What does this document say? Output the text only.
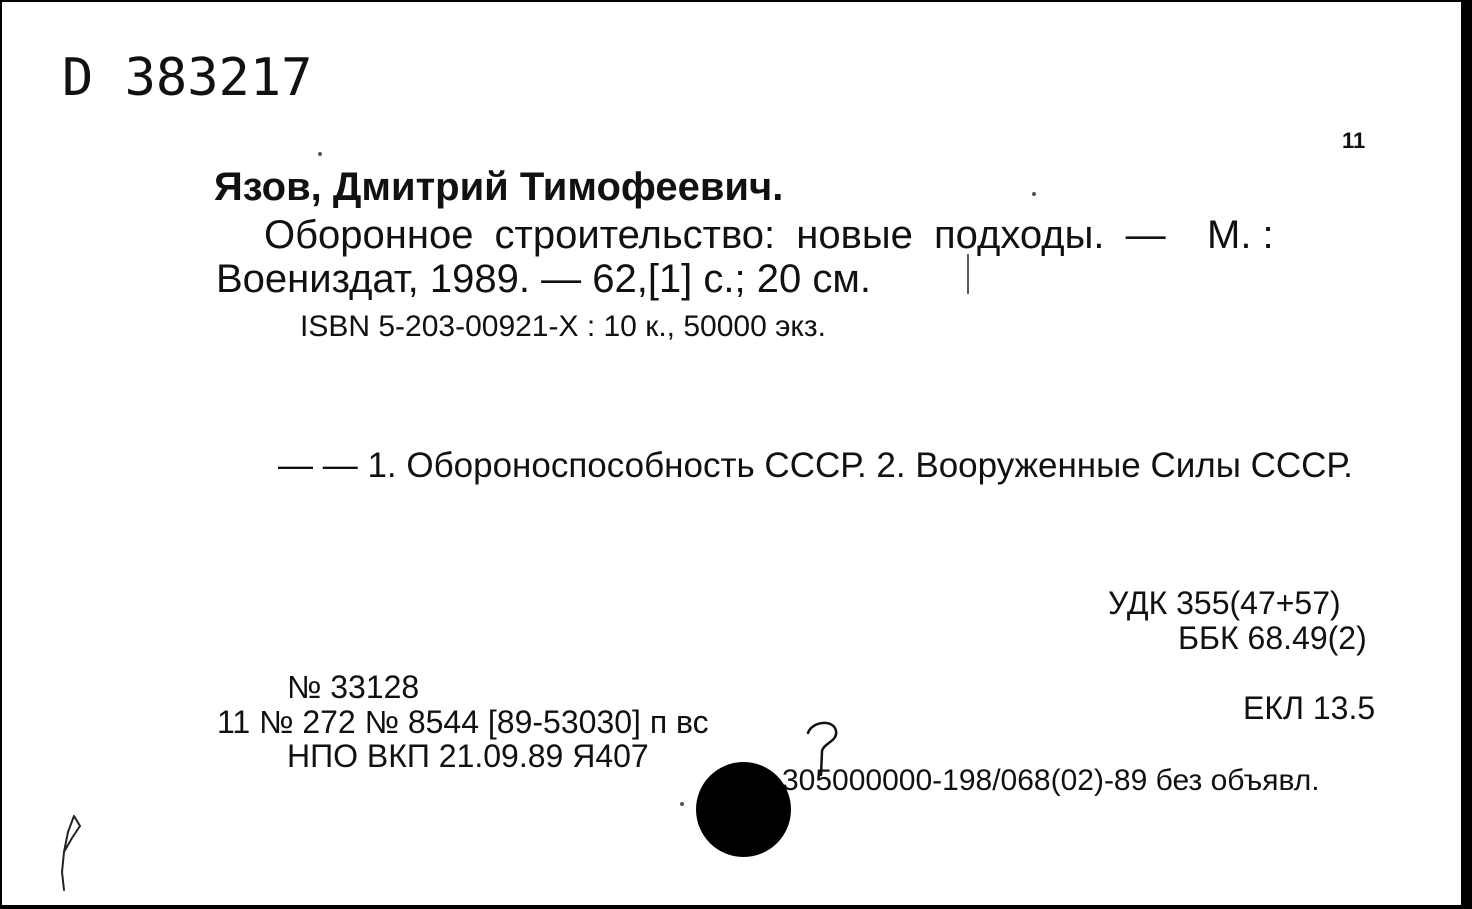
D 383217
11
Язов, Дмитрий Тимофеевич.
Оборонное строительство: новые подходы. — М. :
Воениздат, 1989. — 62,[1] с.; 20 см.
ISBN 5-203-00921-X : 10 к., 50000 экз.
— — 1. Обороноспособность СССР. 2. Вооруженные Силы СССР.
УДК 355(47+57)
ББК 68.49(2)
№ 33128
11 № 272 № 8544 [89-53030] п вс
НПО ВКП 21.09.89 Я407
ЕКЛ 13.5
305000000-198/068(02)-89 без объявл.
